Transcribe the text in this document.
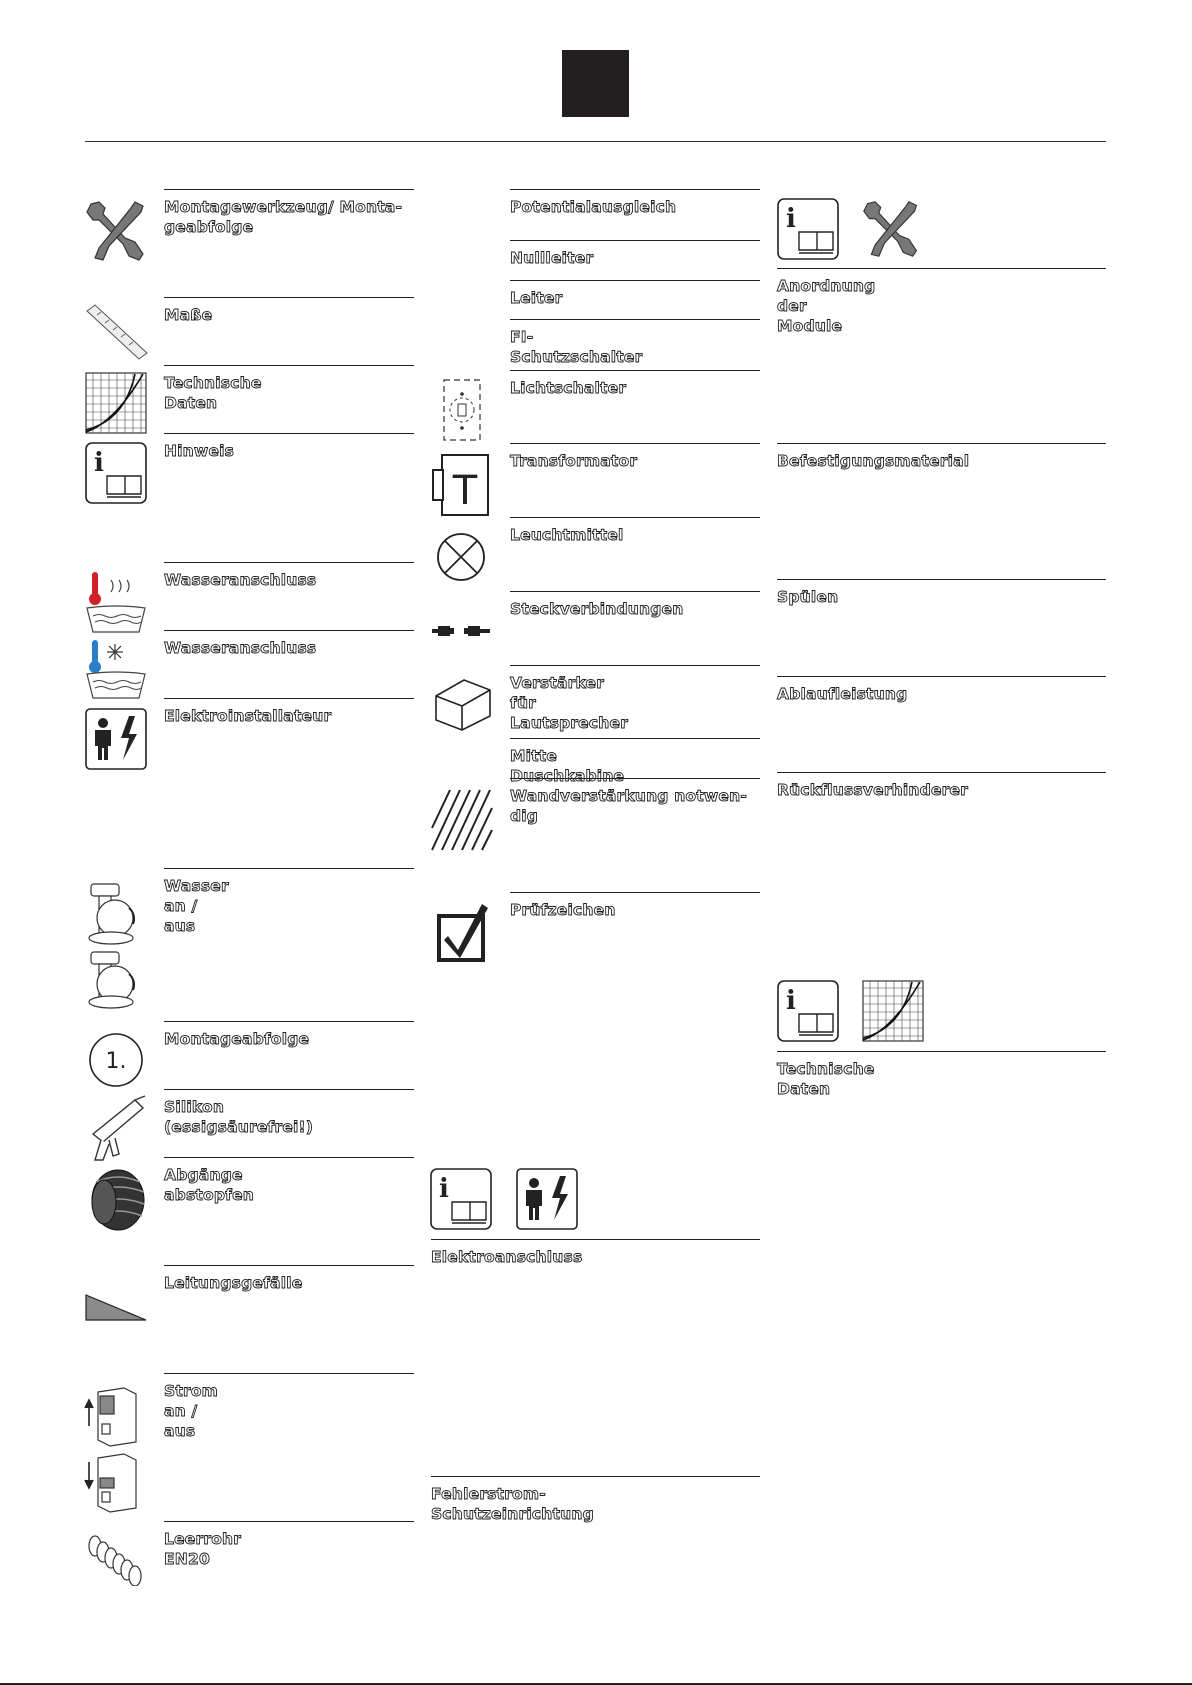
Montagewerkzeug/ Monta-
geabfolge
Maße
Technische Daten
Hinweis
i
Wasseranschluss
Wasseranschluss
Elektroinstallateur
Wasser an / aus
Montageabfolge
1.
Silikon (essigsäurefrei!)
Abgänge abstopfen
Leitungsgefälle
Strom an / aus
Leerrohr EN20
Potentialausgleich
Nullleiter
Leiter
FI-Schutzschalter
Lichtschalter
Transformator
T
Leuchtmittel
Steckverbindungen
Verstärker für Lautsprecher
Mitte Duschkabine
Wandverstärkung notwen-
dig
Prüfzeichen
i
Elektroanschluss
Fehlerstrom-Schutzeinrichtung
i
Anordnung der Module
Befestigungsmaterial
Spülen
Ablaufleistung
Rückflussverhinderer
i
Technische Daten
